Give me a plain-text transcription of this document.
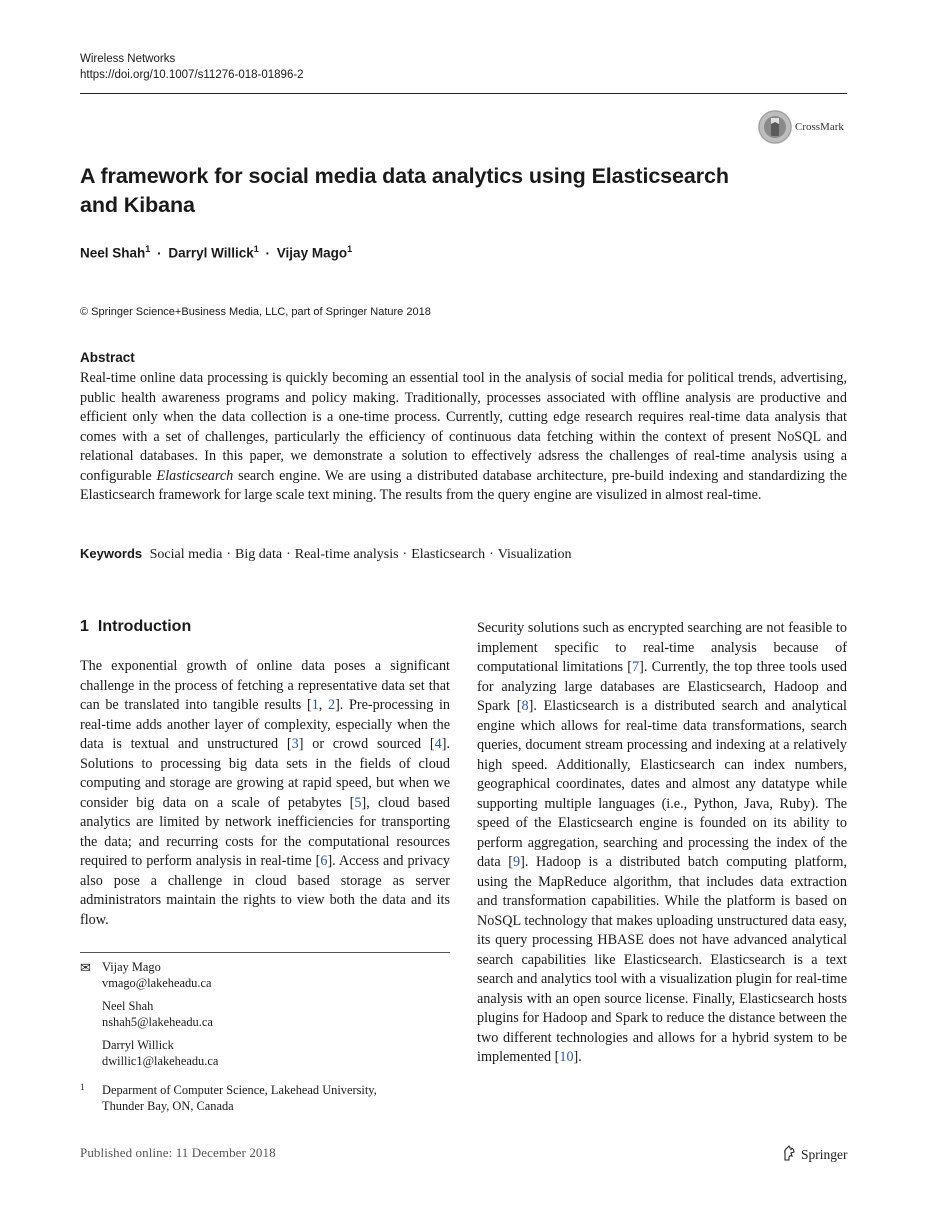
Wireless Networks
https://doi.org/10.1007/s11276-018-01896-2
CrossMark
A framework for social media data analytics using Elasticsearch
and Kibana
Neel Shah$^1$ · Darryl Willick$^1$ · Vijay Mago$^1$
© Springer Science+Business Media, LLC, part of Springer Nature 2018
Abstract
Real-time online data processing is quickly becoming an essential tool in the analysis of social media for political trends, advertising, public health awareness programs and policy making. Traditionally, processes associated with offline analysis are productive and efficient only when the data collection is a one-time process. Currently, cutting edge research requires real-time data analysis that comes with a set of challenges, particularly the efficiency of continuous data fetching within the context of present NoSQL and relational databases. In this paper, we demonstrate a solution to effectively adsress the challenges of real-time analysis using a configurable Elasticsearch search engine. We are using a distributed database architecture, pre-build indexing and standardizing the Elasticsearch framework for large scale text mining. The results from the query engine are visulized in almost real-time.
Keywords Social media · Big data · Real-time analysis · Elasticsearch · Visualization
1 Introduction
The exponential growth of online data poses a significant challenge in the process of fetching a representative data set that can be translated into tangible results [1, 2]. Pre-processing in real-time adds another layer of complexity, especially when the data is textual and unstructured [3] or crowd sourced [4]. Solutions to processing big data sets in the fields of cloud computing and storage are growing at rapid speed, but when we consider big data on a scale of petabytes [5], cloud based analytics are limited by network inefficiencies for transporting the data; and recurring costs for the computational resources required to perform analysis in real-time [6]. Access and privacy also pose a challenge in cloud based storage as server administrators maintain the rights to view both the data and its flow.
Security solutions such as encrypted searching are not feasible to implement specific to real-time analysis because of computational limitations [7]. Currently, the top three tools used for analyzing large databases are Elasticsearch, Hadoop and Spark [8]. Elasticsearch is a distributed search and analytical engine which allows for real-time data transformations, search queries, document stream processing and indexing at a relatively high speed. Additionally, Elasticsearch can index numbers, geographical coordinates, dates and almost any datatype while supporting multiple languages (i.e., Python, Java, Ruby). The speed of the Elasticsearch engine is founded on its ability to perform aggregation, searching and processing the index of the data [9]. Hadoop is a distributed batch computing platform, using the MapReduce algorithm, that includes data extraction and transformation capabilities. While the platform is based on NoSQL technology that makes uploading unstructured data easy, its query processing HBASE does not have advanced analytical search capabilities like Elasticsearch. Elasticsearch is a text search and analytics tool with a visualization plugin for real-time analysis with an open source license. Finally, Elasticsearch hosts plugins for Hadoop and Spark to reduce the distance between the two different technologies and allows for a hybrid system to be implemented [10].
✉ Vijay Mago
vmago@lakeheadu.ca
Neel Shah
nshah5@lakeheadu.ca
Darryl Willick
dwillic1@lakeheadu.ca
1 Deparment of Computer Science, Lakehead University,
Thunder Bay, ON, Canada
Published online: 11 December 2018	Springer
